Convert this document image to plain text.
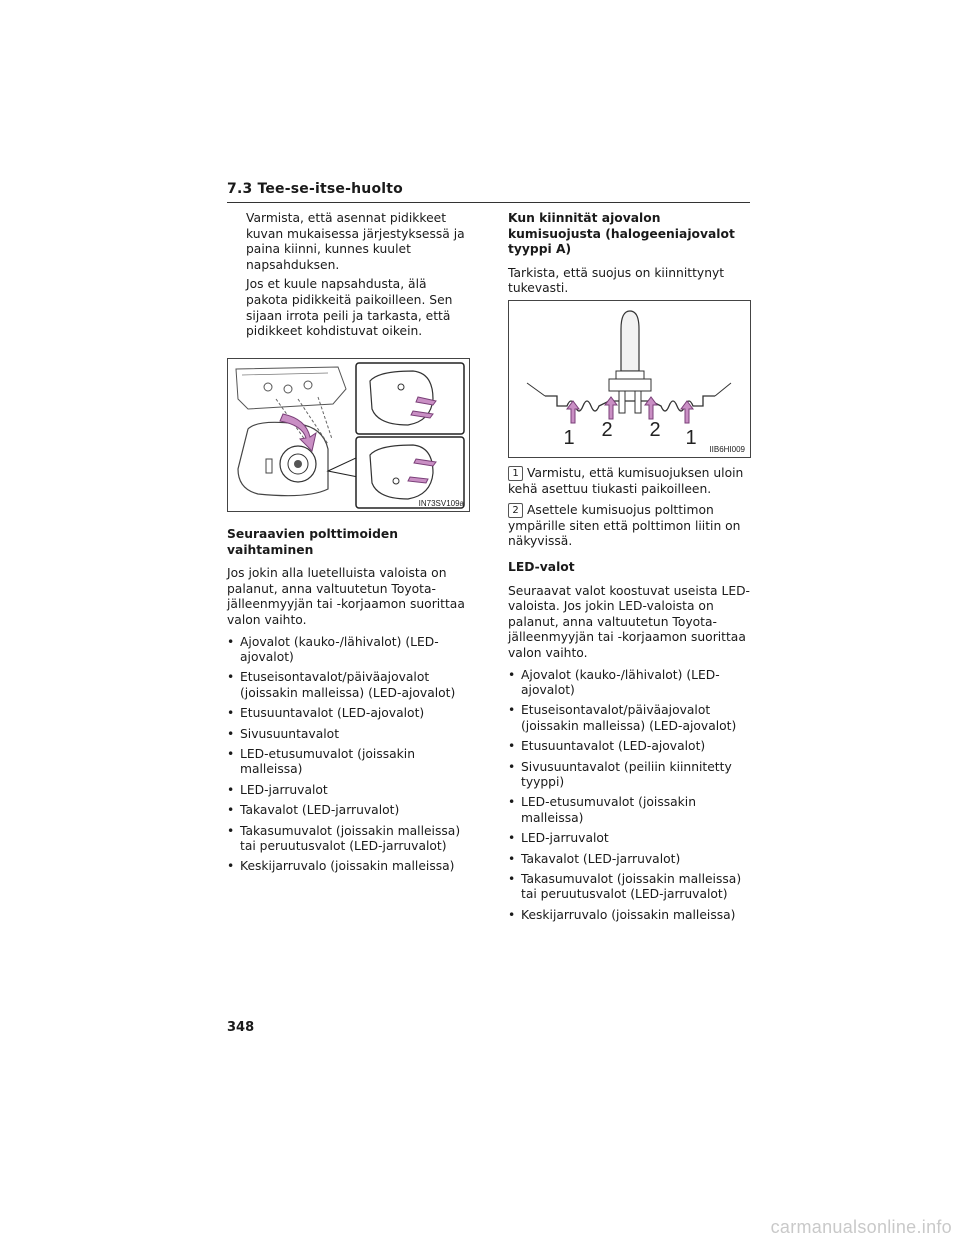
7.3 Tee-se-itse-huolto

Varmista, että asennat pidikkeet kuvan mukaisessa järjestyksessä ja paina kiinni, kunnes kuulet napsahduksen.

Jos et kuule napsahdusta, älä pakota pidikkeitä paikoilleen. Sen sijaan irrota peili ja tarkasta, että pidikkeet kohdistuvat oikein.

IN73SV109a
Seuraavien polttimoiden vaihtaminen

Jos jokin alla luetelluista valoista on palanut, anna valtuutetun Toyota-jälleenmyyjän tai -korjaamon suorittaa valon vaihto.

• Ajovalot (kauko-/lähivalot) (LED-ajovalot)
• Etuseisontavalot/päiväajovalot (joissakin malleissa) (LED-ajovalot)
• Etusuuntavalot (LED-ajovalot)
• Sivusuuntavalot
• LED-etusumuvalot (joissakin malleissa)
• LED-jarruvalot
• Takavalot (LED-jarruvalot)
• Takasumuvalot (joissakin malleissa) tai peruutusvalot (LED-jarruvalot)
• Keskijarruvalo (joissakin malleissa)
Kun kiinnität ajovalon kumisuojusta (halogeeniajovalot tyyppi A)

Tarkista, että suojus on kiinnittynyt tukevasti.

1 2 2 1
IIB6HI009

1 Varmistu, että kumisuojuksen uloin kehä asettuu tiukasti paikoilleen.

2 Asettele kumisuojus polttimon ympärille siten että polttimon liitin on näkyvissä.

LED-valot

Seuraavat valot koostuvat useista LED-valoista. Jos jokin LED-valoista on palanut, anna valtuutetun Toyota-jälleenmyyjän tai -korjaamon suorittaa valon vaihto.

• Ajovalot (kauko-/lähivalot) (LED-ajovalot)
• Etuseisontavalot/päiväajovalot (joissakin malleissa) (LED-ajovalot)
• Etusuuntavalot (LED-ajovalot)
• Sivusuuntavalot (peiliin kiinnitetty tyyppi)
• LED-etusumuvalot (joissakin malleissa)
• LED-jarruvalot
• Takavalot (LED-jarruvalot)
• Takasumuvalot (joissakin malleissa) tai peruutusvalot (LED-jarruvalot)
• Keskijarruvalo (joissakin malleissa)
348
carmanualsonline.info
